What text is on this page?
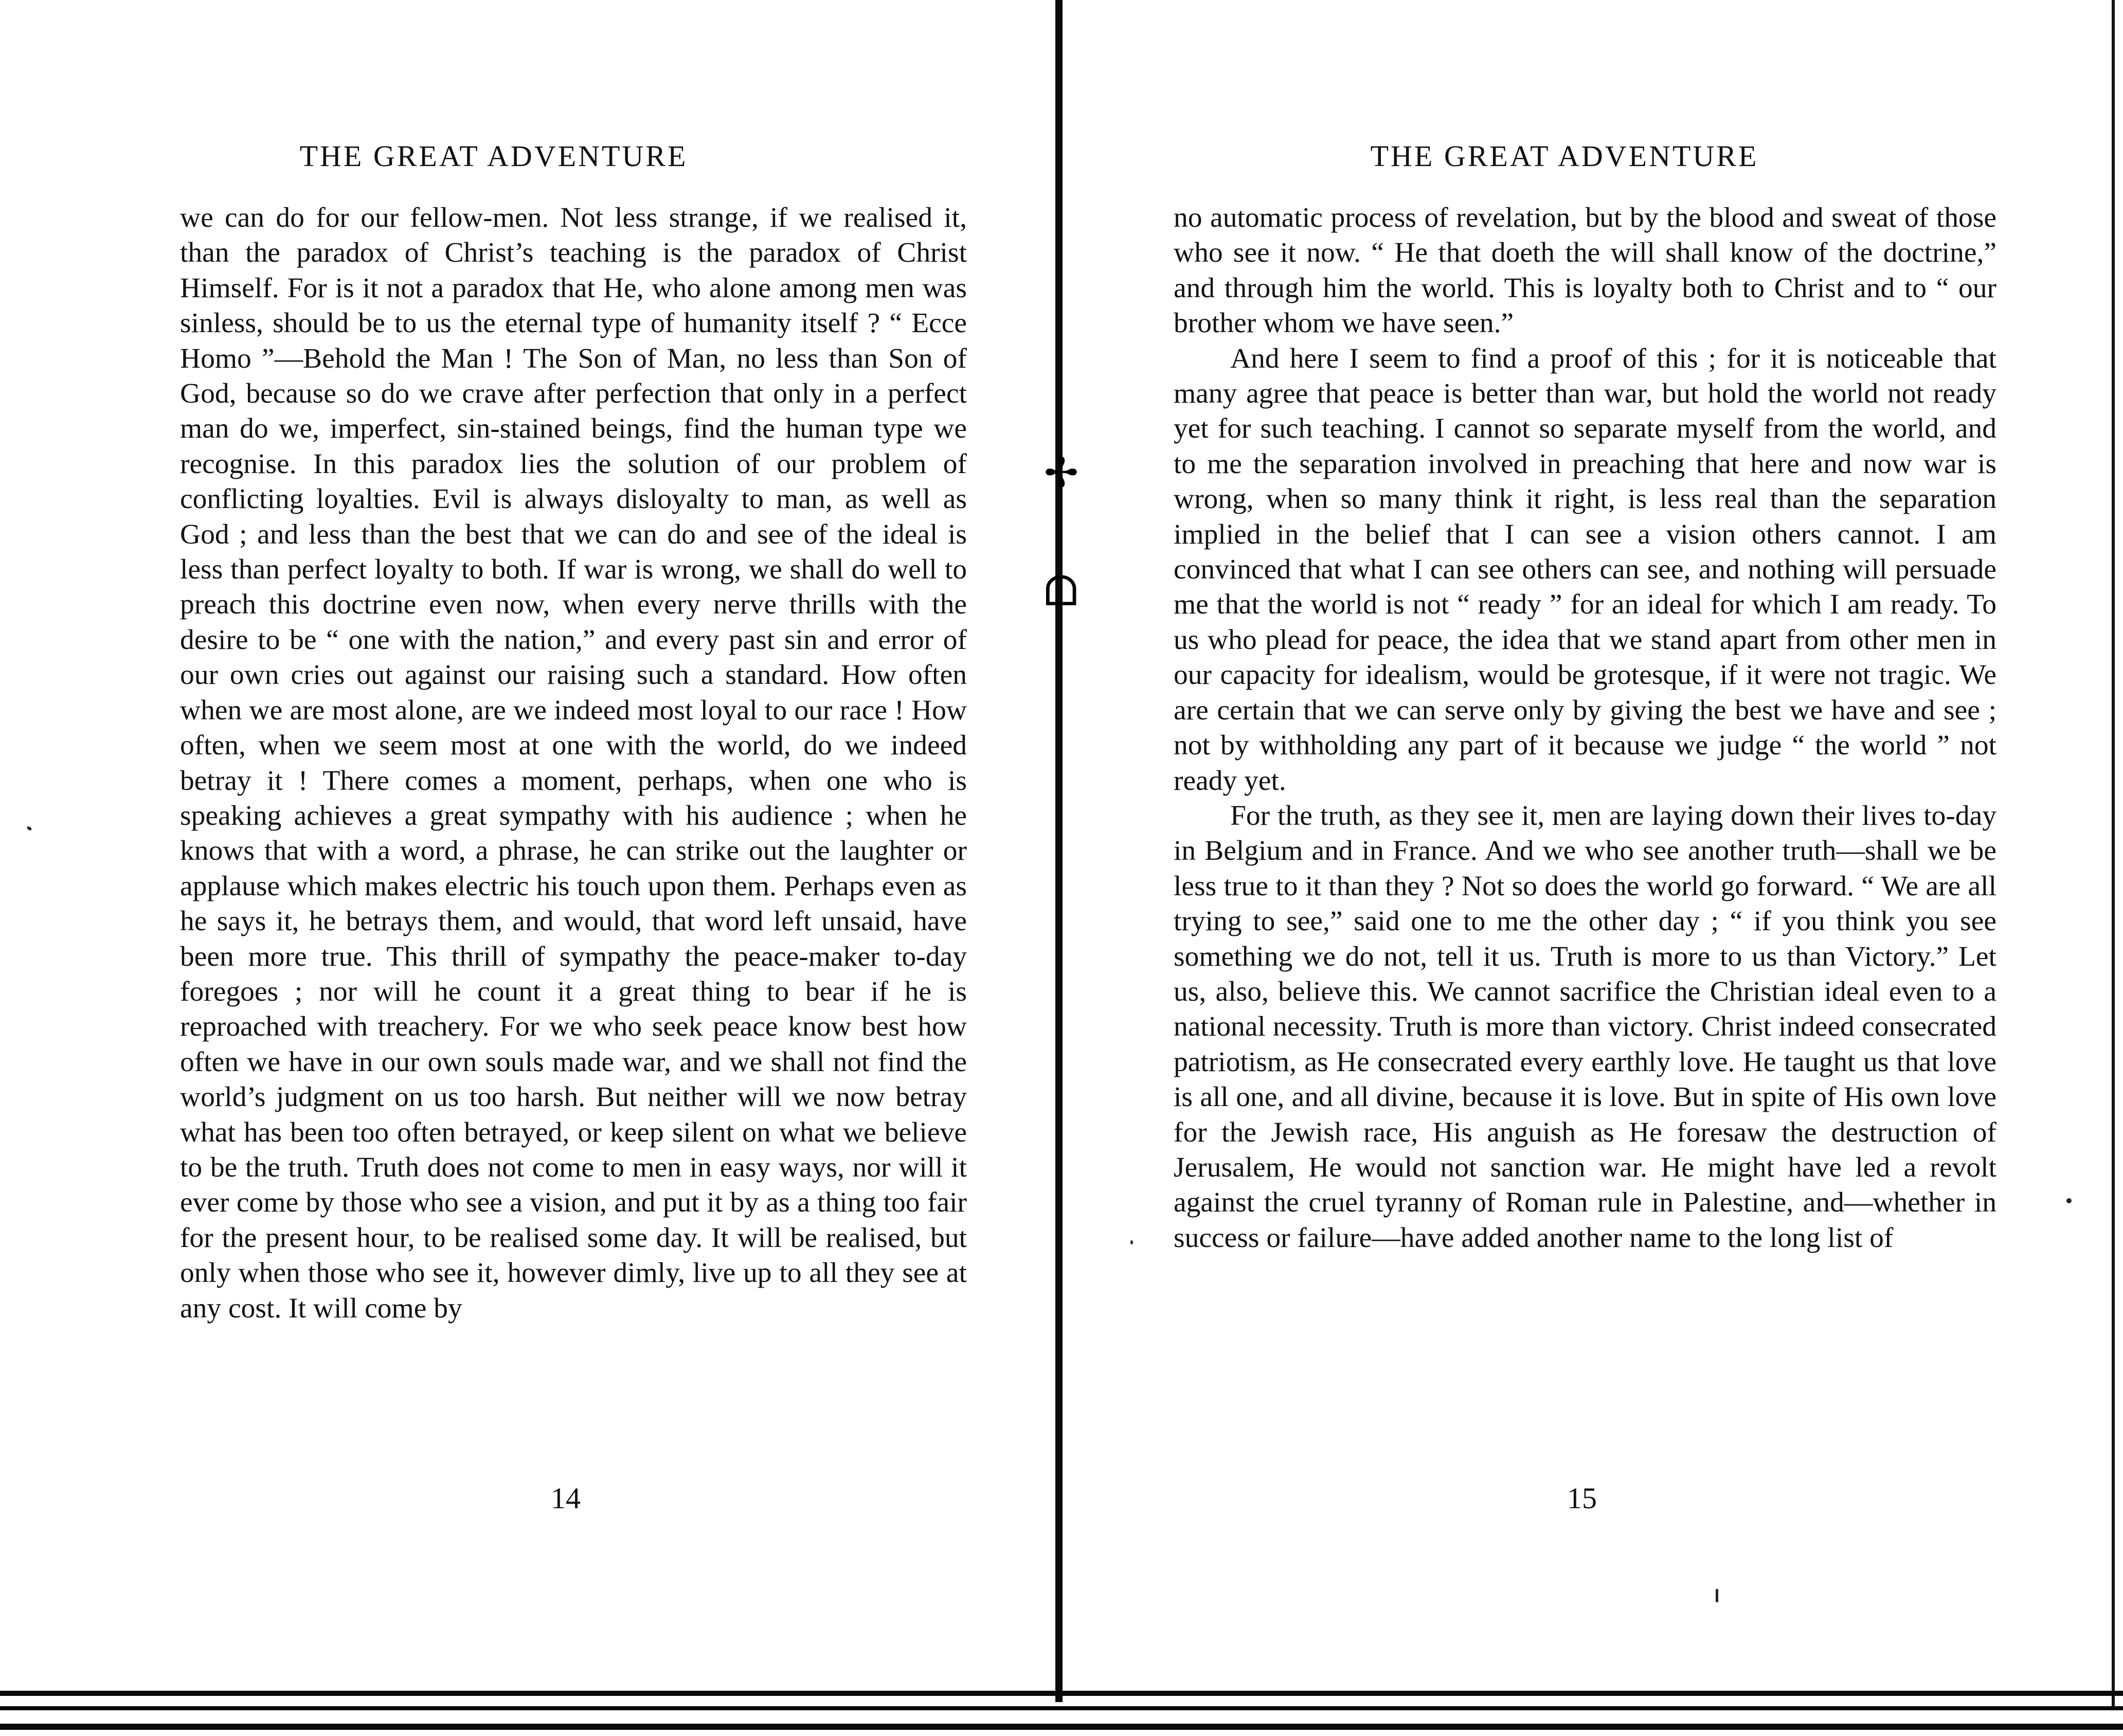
THE GREAT ADVENTURE

we can do for our fellow-men. Not less strange, if we realised it, than the paradox of Christ’s teaching is the paradox of Christ Himself. For is it not a paradox that He, who alone among men was sinless, should be to us the eternal type of humanity itself ? “ Ecce Homo ”—Behold the Man ! The Son of Man, no less than Son of God, because so do we crave after perfection that only in a perfect man do we, imperfect, sin-stained beings, find the human type we recognise. In this paradox lies the solution of our problem of conflicting loyalties. Evil is always disloyalty to man, as well as God ; and less than the best that we can do and see of the ideal is less than perfect loyalty to both. If war is wrong, we shall do well to preach this doctrine even now, when every nerve thrills with the desire to be “ one with the nation,” and every past sin and error of our own cries out against our raising such a standard. How often when we are most alone, are we indeed most loyal to our race ! How often, when we seem most at one with the world, do we indeed betray it ! There comes a moment, perhaps, when one who is speaking achieves a great sympathy with his audience ; when he knows that with a word, a phrase, he can strike out the laughter or applause which makes electric his touch upon them. Perhaps even as he says it, he betrays them, and would, that word left unsaid, have been more true. This thrill of sympathy the peace-maker to-day foregoes ; nor will he count it a great thing to bear if he is reproached with treachery. For we who seek peace know best how often we have in our own souls made war, and we shall not find the world’s judgment on us too harsh. But neither will we now betray what has been too often betrayed, or keep silent on what we believe to be the truth. Truth does not come to men in easy ways, nor will it ever come by those who see a vision, and put it by as a thing too fair for the present hour, to be realised some day. It will be realised, but only when those who see it, however dimly, live up to all they see at any cost. It will come by

14
✢
ᗝ
THE GREAT ADVENTURE

no automatic process of revelation, but by the blood and sweat of those who see it now. “ He that doeth the will shall know of the doctrine,” and through him the world. This is loyalty both to Christ and to “ our brother whom we have seen.”

And here I seem to find a proof of this ; for it is noticeable that many agree that peace is better than war, but hold the world not ready yet for such teaching. I cannot so separate myself from the world, and to me the separation involved in preaching that here and now war is wrong, when so many think it right, is less real than the separation implied in the belief that I can see a vision others cannot. I am convinced that what I can see others can see, and nothing will persuade me that the world is not “ ready ” for an ideal for which I am ready. To us who plead for peace, the idea that we stand apart from other men in our capacity for idealism, would be grotesque, if it were not tragic. We are certain that we can serve only by giving the best we have and see ; not by withholding any part of it because we judge “ the world ” not ready yet.

For the truth, as they see it, men are laying down their lives to-day in Belgium and in France. And we who see another truth—shall we be less true to it than they ? Not so does the world go forward. “ We are all trying to see,” said one to me the other day ; “ if you think you see something we do not, tell it us. Truth is more to us than Victory.” Let us, also, believe this. We cannot sacrifice the Christian ideal even to a national necessity. Truth is more than victory. Christ indeed consecrated patriotism, as He consecrated every earthly love. He taught us that love is all one, and all divine, because it is love. But in spite of His own love for the Jewish race, His anguish as He foresaw the destruction of Jerusalem, He would not sanction war. He might have led a revolt against the cruel tyranny of Roman rule in Palestine, and—whether in success or failure—have added another name to the long list of

15
